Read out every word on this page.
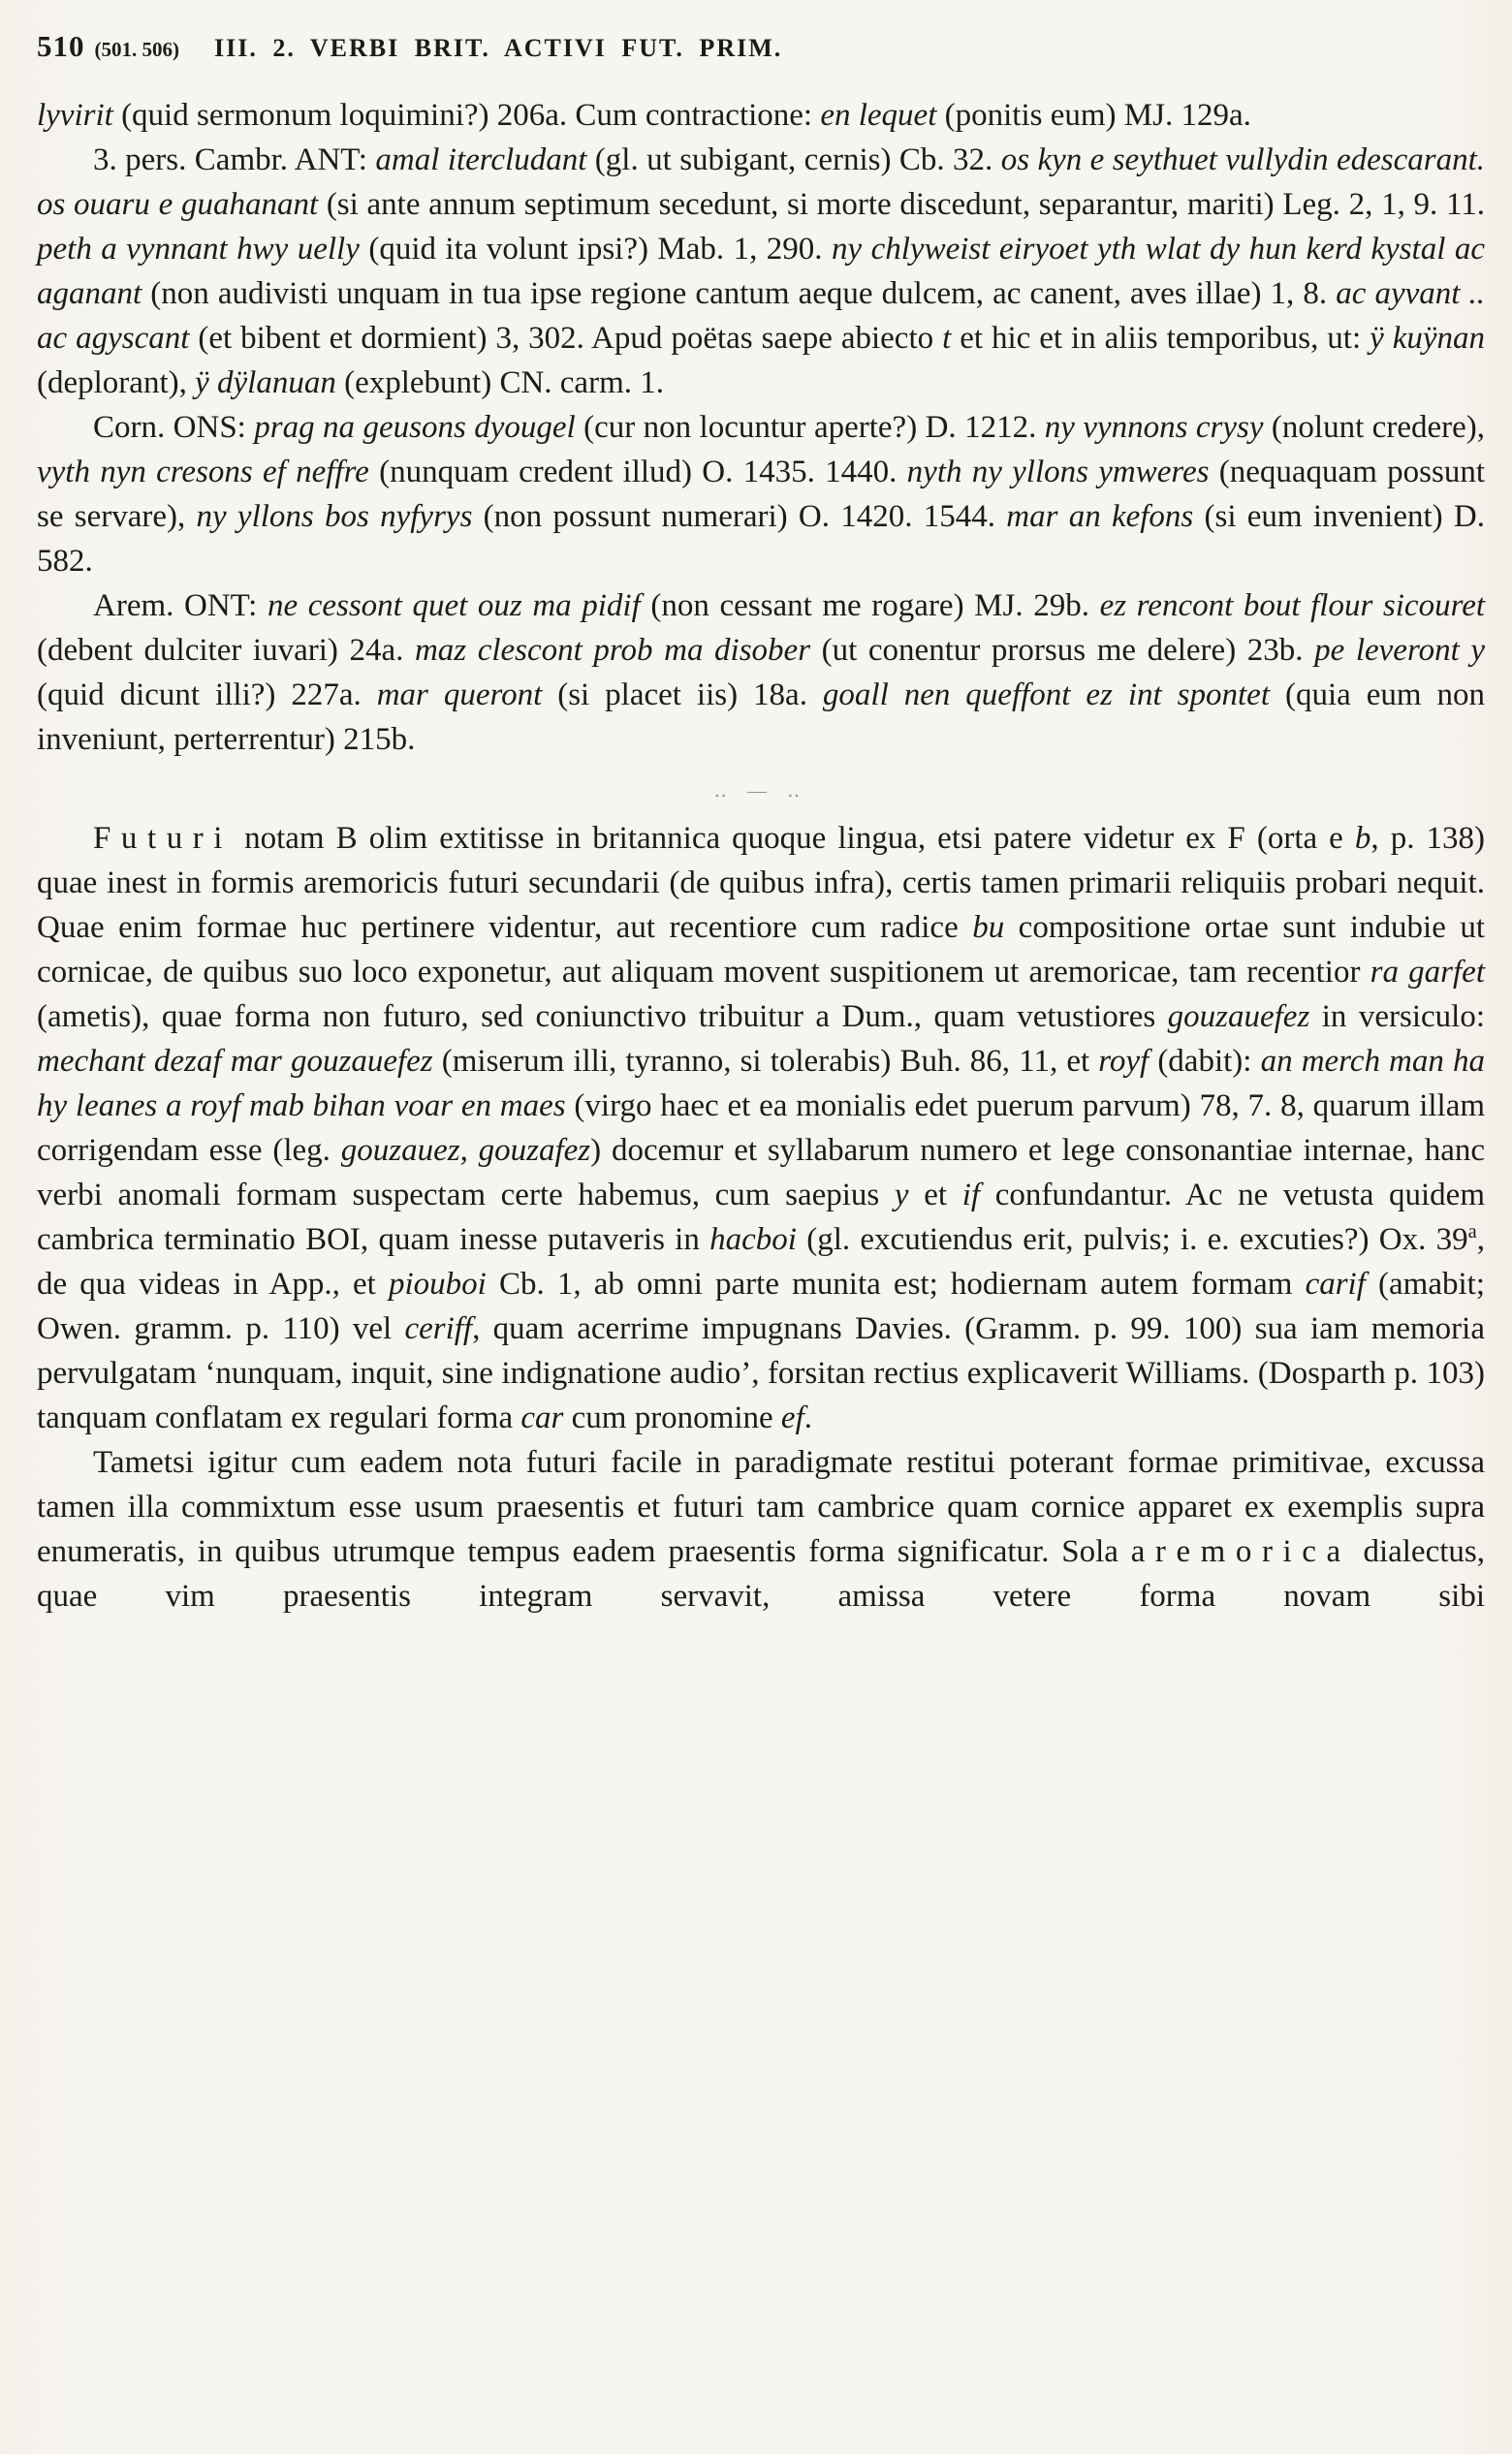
510 (501. 506) III. 2. VERBI BRIT. ACTIVI FUT. PRIM.

lyvirit (quid sermonum loquimini?) 206a. Cum contractione: en lequet (ponitis eum) MJ. 129a.

3. pers. Cambr. ANT: amal itercludant (gl. ut subigant, cernis) Cb. 32. os kyn e seythuet vullydin edescarant. os ouaru e guahanant (si ante annum septimum secedunt, si morte discedunt, separantur, mariti) Leg. 2, 1, 9. 11. peth a vynnant hwy uelly (quid ita volunt ipsi?) Mab. 1, 290. ny chlyweist eiryoet yth wlat dy hun kerd kystal ac aganant (non audivisti unquam in tua ipse regione cantum aeque dulcem, ac canent, aves illae) 1, 8. ac ayvant .. ac agyscant (et bibent et dormient) 3, 302. Apud poëtas saepe abiecto t et hic et in aliis temporibus, ut: ÿ kuÿnan (deplorant), ÿ dÿlanuan (explebunt) CN. carm. 1.

Corn. ONS: prag na geusons dyougel (cur non locuntur aperte?) D. 1212. ny vynnons crysy (nolunt credere), vyth nyn cresons ef neffre (nunquam credent illud) O. 1435. 1440. nyth ny yllons ymweres (nequaquam possunt se servare), ny yllons bos nyfyrys (non possunt numerari) O. 1420. 1544. mar an kefons (si eum invenient) D. 582.

Arem. ONT: ne cessont quet ouz ma pidif (non cessant me rogare) MJ. 29b. ez rencont bout flour sicouret (debent dulciter iuvari) 24a. maz clescont prob ma disober (ut conentur prorsus me delere) 23b. pe leveront y (quid dicunt illi?) 227a. mar queront (si placet iis) 18a. goall nen queffont ez int spontet (quia eum non inveniunt, perterrentur) 215b.

‥ — ‥

Futuri notam B olim extitisse in britannica quoque lingua, etsi patere videtur ex F (orta e b, p. 138) quae inest in formis aremoricis futuri secundarii (de quibus infra), certis tamen primarii reliquiis probari nequit. Quae enim formae huc pertinere videntur, aut recentiore cum radice bu compositione ortae sunt indubie ut cornicae, de quibus suo loco exponetur, aut aliquam movent suspitionem ut aremoricae, tam recentior ra garfet (ametis), quae forma non futuro, sed coniunctivo tribuitur a Dum., quam vetustiores gouzauefez in versiculo: mechant dezaf mar gouzauefez (miserum illi, tyranno, si tolerabis) Buh. 86, 11, et royf (dabit): an merch man ha hy leanes a royf mab bihan voar en maes (virgo haec et ea monialis edet puerum parvum) 78, 7. 8, quarum illam corrigendam esse (leg. gouzauez, gouzafez) docemur et syllabarum numero et lege consonantiae internae, hanc verbi anomali formam suspectam certe habemus, cum saepius y et if confundantur. Ac ne vetusta quidem cambrica terminatio BOI, quam inesse putaveris in hacboi (gl. excutiendus erit, pulvis; i. e. excuties?) Ox. 39$^a$, de qua videas in App., et piouboi Cb. 1, ab omni parte munita est; hodiernam autem formam carif (amabit; Owen. gramm. p. 110) vel ceriff, quam acerrime impugnans Davies. (Gramm. p. 99. 100) sua iam memoria pervulgatam ‘nunquam, inquit, sine indignatione audio’, forsitan rectius explicaverit Williams. (Dosparth p. 103) tanquam conflatam ex regulari forma car cum pronomine ef.

Tametsi igitur cum eadem nota futuri facile in paradigmate restitui poterant formae primitivae, excussa tamen illa commixtum esse usum praesentis et futuri tam cambrice quam cornice apparet ex exemplis supra enumeratis, in quibus utrumque tempus eadem praesentis forma significatur. Sola aremorica dialectus, quae vim praesentis integram servavit, amissa vetere forma novam sibi
